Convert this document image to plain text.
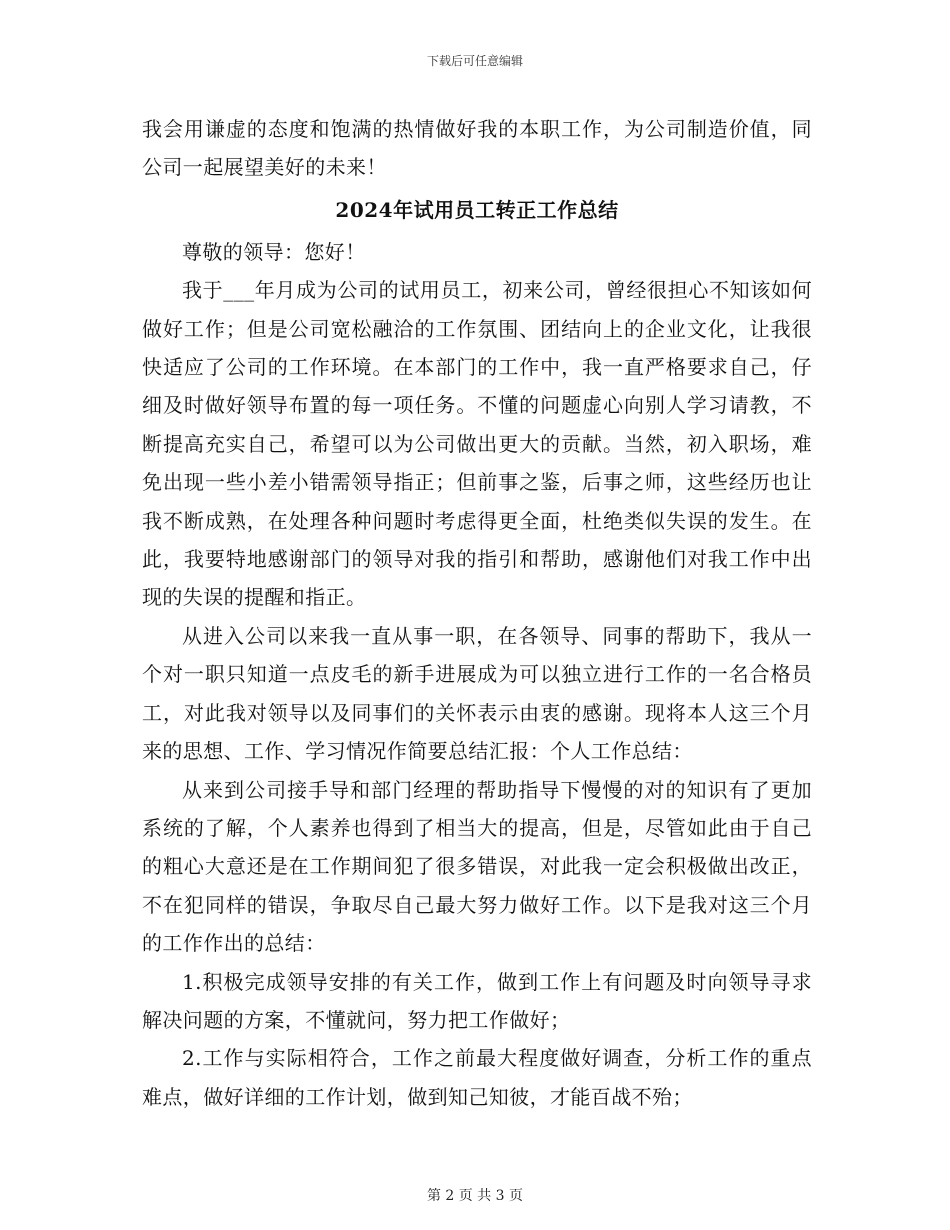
下载后可任意编辑

我会用谦虚的态度和饱满的热情做好我的本职工作，为公司制造价值，同公司一起展望美好的未来！

2024年试用员工转正工作总结

尊敬的领导：您好！

我于___年月成为公司的试用员工，初来公司，曾经很担心不知该如何做好工作；但是公司宽松融洽的工作氛围、团结向上的企业文化，让我很快适应了公司的工作环境。在本部门的工作中，我一直严格要求自己，仔细及时做好领导布置的每一项任务。不懂的问题虚心向别人学习请教，不断提高充实自己，希望可以为公司做出更大的贡献。当然，初入职场，难免出现一些小差小错需领导指正；但前事之鉴，后事之师，这些经历也让我不断成熟，在处理各种问题时考虑得更全面，杜绝类似失误的发生。在此，我要特地感谢部门的领导对我的指引和帮助，感谢他们对我工作中出现的失误的提醒和指正。

从进入公司以来我一直从事一职，在各领导、同事的帮助下，我从一个对一职只知道一点皮毛的新手进展成为可以独立进行工作的一名合格员工，对此我对领导以及同事们的关怀表示由衷的感谢。现将本人这三个月来的思想、工作、学习情况作简要总结汇报：个人工作总结：

从来到公司接手导和部门经理的帮助指导下慢慢的对的知识有了更加系统的了解，个人素养也得到了相当大的提高，但是，尽管如此由于自己的粗心大意还是在工作期间犯了很多错误，对此我一定会积极做出改正，不在犯同样的错误，争取尽自己最大努力做好工作。以下是我对这三个月的工作作出的总结：

1.积极完成领导安排的有关工作，做到工作上有问题及时向领导寻求解决问题的方案，不懂就问，努力把工作做好；

2.工作与实际相符合，工作之前最大程度做好调查，分析工作的重点难点，做好详细的工作计划，做到知己知彼，才能百战不殆；

第 2 页 共 3 页
